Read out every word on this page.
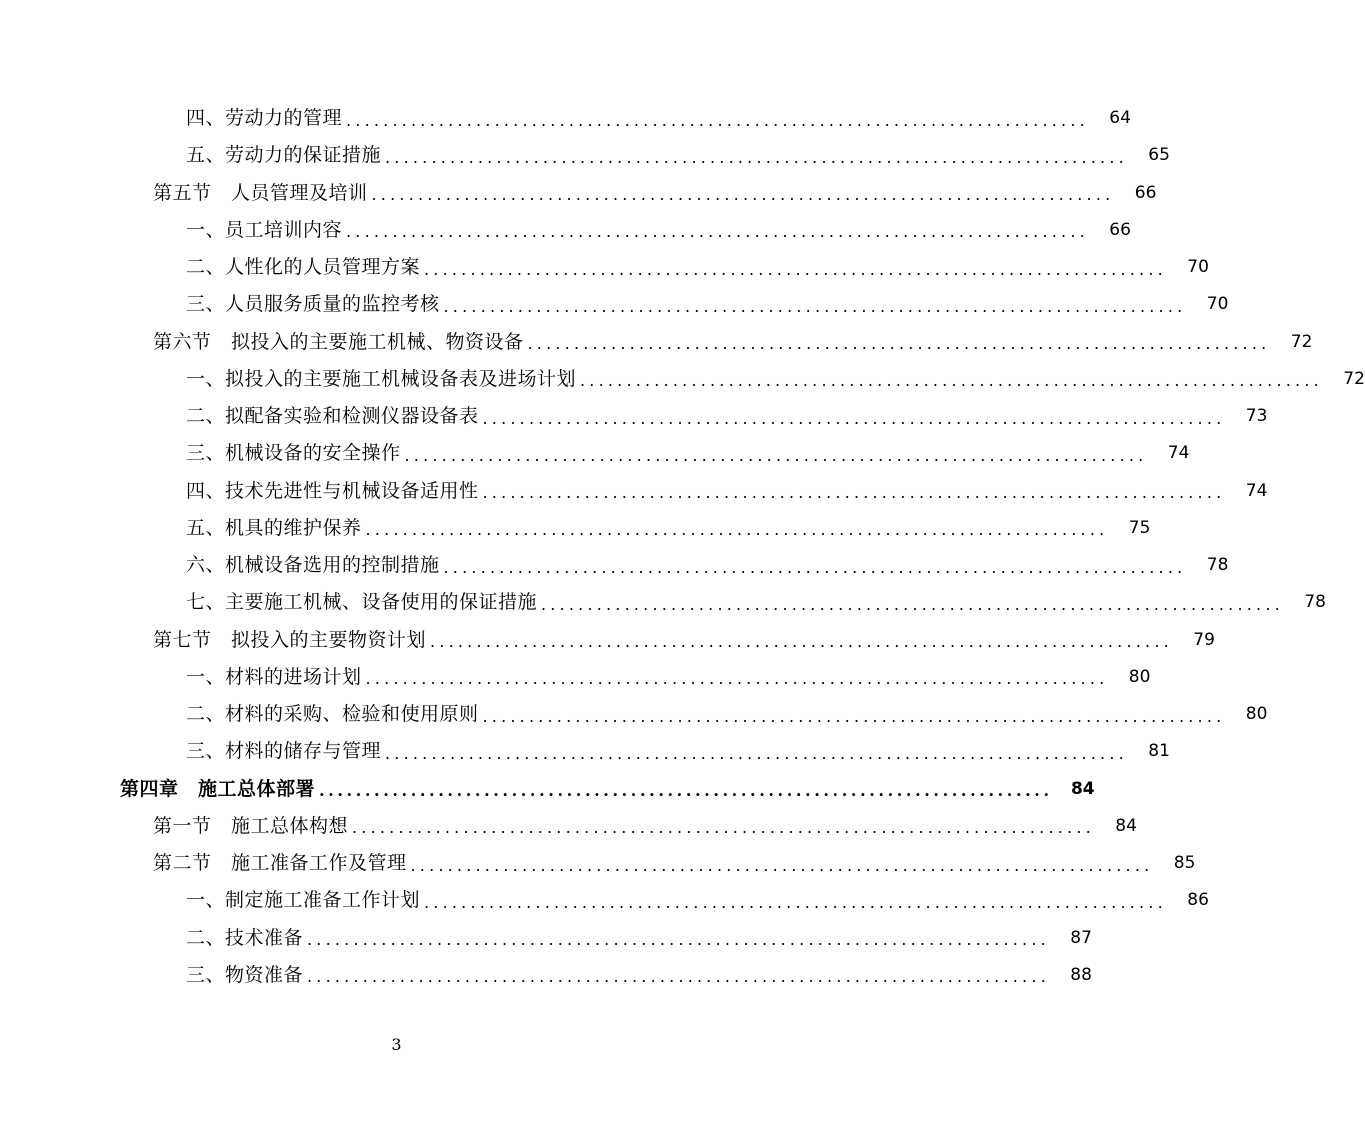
四、劳动力的管理 ................................................................................	64
五、劳动力的保证措施 ................................................................................	65
第五节　人员管理及培训 ................................................................................	66
一、员工培训内容 ................................................................................	66
二、人性化的人员管理方案 ................................................................................	70
三、人员服务质量的监控考核 ................................................................................	70
第六节　拟投入的主要施工机械、物资设备 ................................................................................	72
一、拟投入的主要施工机械设备表及进场计划 ................................................................................	72
二、拟配备实验和检测仪器设备表 ................................................................................	73
三、机械设备的安全操作 ................................................................................	74
四、技术先进性与机械设备适用性 ................................................................................	74
五、机具的维护保养 ................................................................................	75
六、机械设备选用的控制措施 ................................................................................	78
七、主要施工机械、设备使用的保证措施 ................................................................................	78
第七节　拟投入的主要物资计划 ................................................................................	79
一、材料的进场计划 ................................................................................	80
二、材料的采购、检验和使用原则 ................................................................................	80
三、材料的储存与管理 ................................................................................	81
第四章　施工总体部署 ................................................................................	84
第一节　施工总体构想 ................................................................................	84
第二节　施工准备工作及管理 ................................................................................	85
一、制定施工准备工作计划 ................................................................................	86
二、技术准备 ................................................................................	87
三、物资准备 ................................................................................	88
3
